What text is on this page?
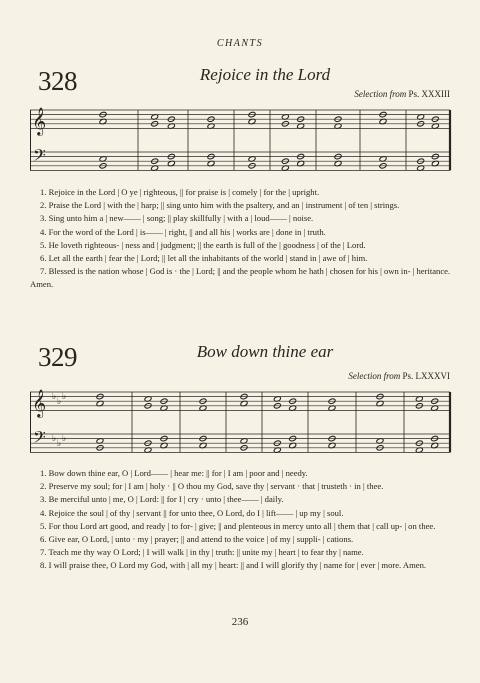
CHANTS
328	Rejoice in the Lord
Selection from Ps. XXXIII
𝄞
𝄢

1. Rejoice in the Lord | O ye | righteous, || for praise is | comely | for the | upright.

2. Praise the Lord | with the | harp; || sing unto him with the psaltery, and an | instrument | of ten | strings.

3. Sing unto him a | new—— | song; || play skillfully | with a | loud—— | noise.

4. For the word of the Lord | is—— | right, || and all his | works are | done in | truth.

5. He loveth righteous- | ness and | judgment; || the earth is full of the | goodness | of the | Lord.

6. Let all the earth | fear the | Lord; || let all the inhabitants of the world | stand in | awe of | him.

7. Blessed is the nation whose | God is · the | Lord; || and the people whom he hath | chosen for his | own in- | heritance. Amen.

329	Bow down thine ear
Selection from Ps. LXXXVI
𝄞 ♭ ♭ ♭
𝄢 ♭ ♭ ♭

1. Bow down thine ear, O | Lord—— | hear me: || for | I am | poor and | needy.

2. Preserve my soul; for | I am | holy · || O thou my God, save thy | servant · that | trusteth · in | thee.

3. Be merciful unto | me, O | Lord: || for I | cry · unto | thee—— | daily.

4. Rejoice the soul | of thy | servant || for unto thee, O Lord, do I | lift—— | up my | soul.

5. For thou Lord art good, and ready | to for- | give; || and plenteous in mercy unto all | them that | call up- | on thee.

6. Give ear, O Lord, | unto · my | prayer; || and attend to the voice | of my | suppli- | cations.

7. Teach me thy way O Lord; | I will walk | in thy | truth: || unite my | heart | to fear thy | name.

8. I will praise thee, O Lord my God, with | all my | heart: || and I will glorify thy | name for | ever | more. Amen.

236
